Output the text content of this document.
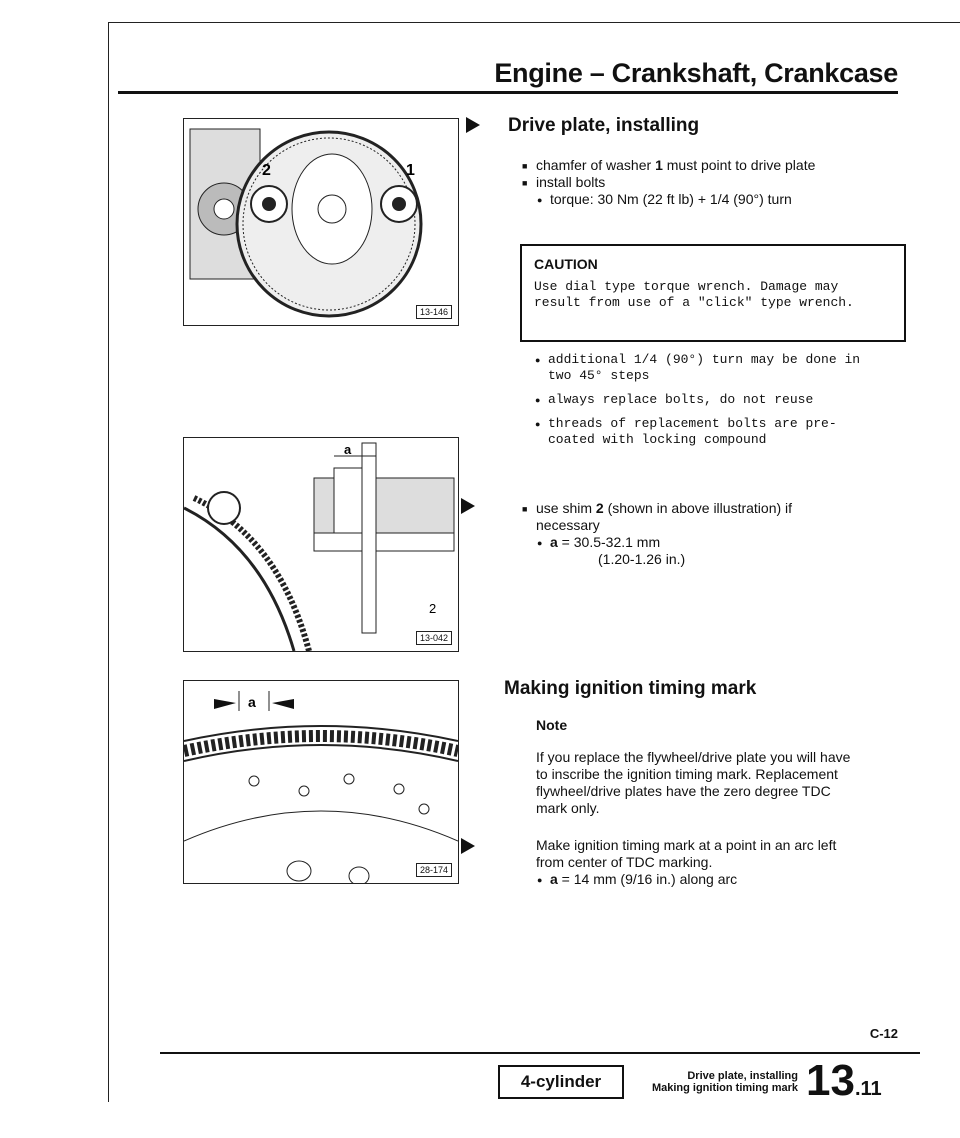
Engine – Crankshaft, Crankcase
2	1
13-146
a
2
13-042
a
28-174
Drive plate, installing
■ chamfer of washer 1 must point to drive plate
■ install bolts
● torque: 30 Nm (22 ft lb) + 1/4 (90°) turn
CAUTION
Use dial type torque wrench. Damage may result from use of a "click" type wrench.
● additional 1/4 (90°) turn may be done in two 45° steps
● always replace bolts, do not reuse
● threads of replacement bolts are pre-coated with locking compound
■ use shim 2 (shown in above illustration) if necessary
● a = 30.5-32.1 mm
(1.20-1.26 in.)
Making ignition timing mark
Note
If you replace the flywheel/drive plate you will have to inscribe the ignition timing mark. Replacement flywheel/drive plates have the zero degree TDC mark only.
Make ignition timing mark at a point in an arc left from center of TDC marking.
● a = 14 mm (9/16 in.) along arc
C-12
4-cylinder	Drive plate, installing
Making ignition timing mark 13.11
